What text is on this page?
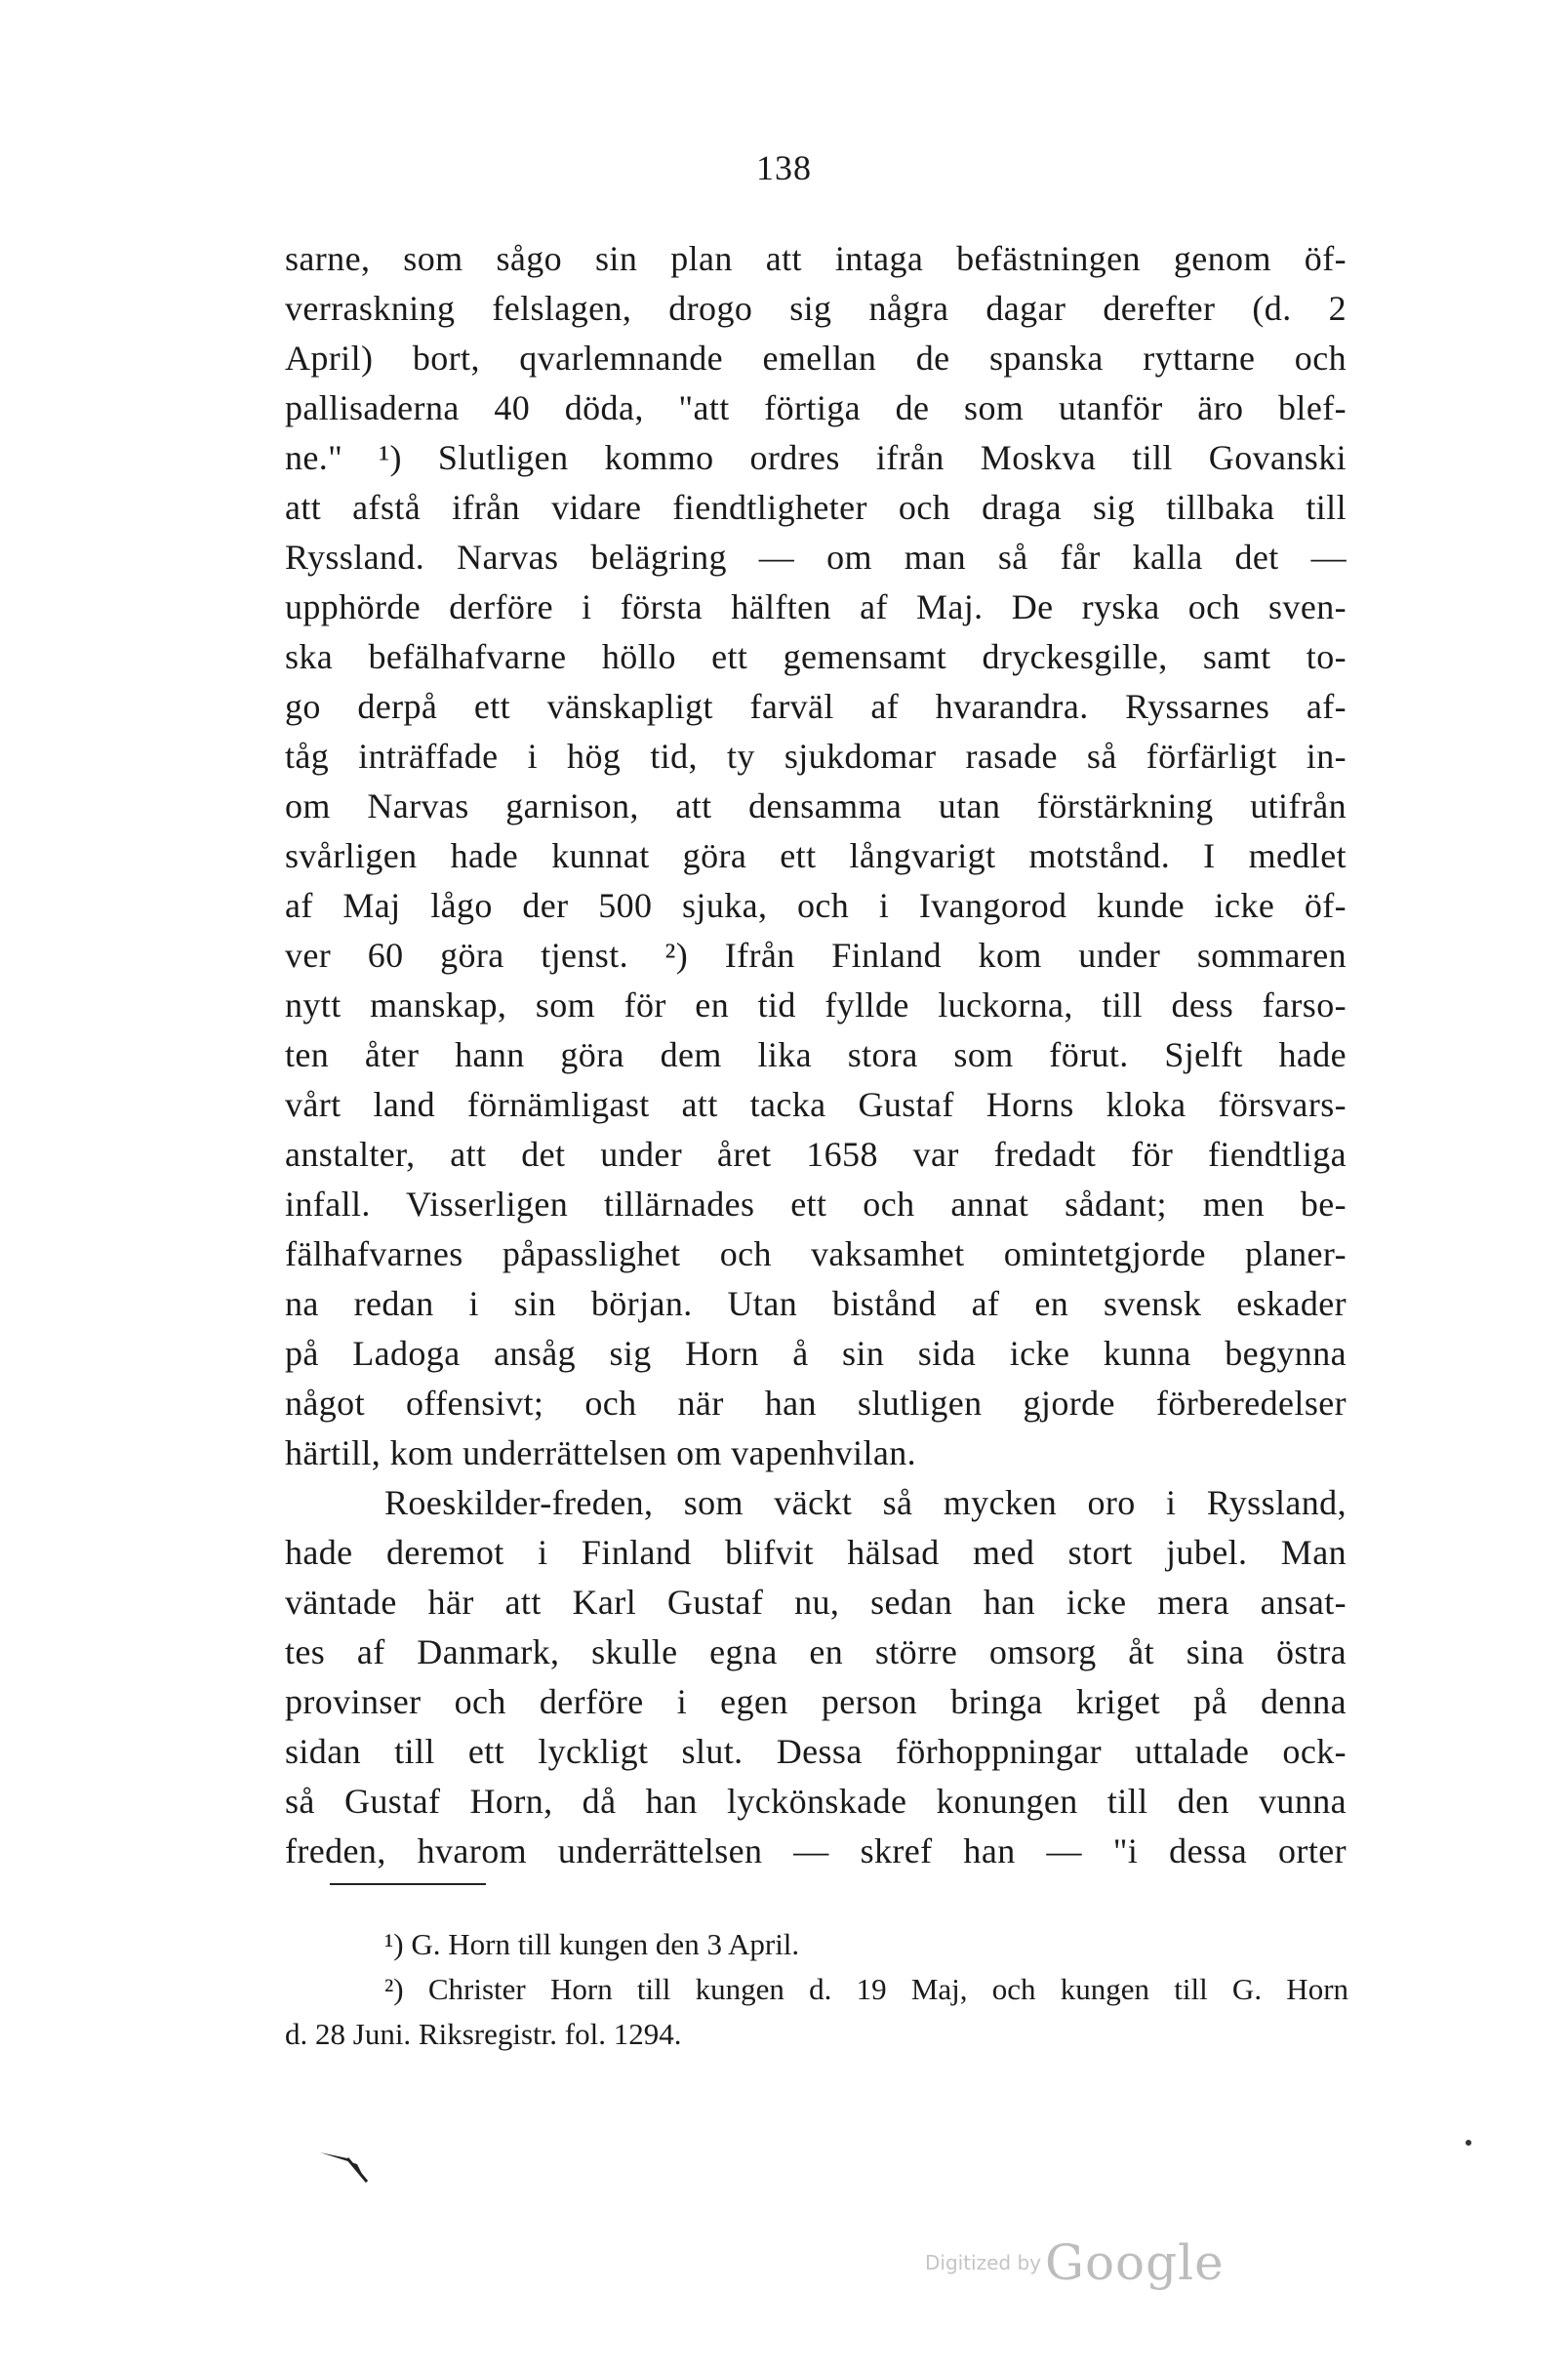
138
sarne, som sågo sin plan att intaga befästningen genom öf-
verraskning felslagen, drogo sig några dagar derefter (d. 2
April) bort, qvarlemnande emellan de spanska ryttarne och
pallisaderna 40 döda, "att förtiga de som utanför äro blef-
ne." ¹) Slutligen kommo ordres ifrån Moskva till Govanski
att afstå ifrån vidare fiendtligheter och draga sig tillbaka till
Ryssland. Narvas belägring — om man så får kalla det —
upphörde derföre i första hälften af Maj. De ryska och sven-
ska befälhafvarne höllo ett gemensamt dryckesgille, samt to-
go derpå ett vänskapligt farväl af hvarandra. Ryssarnes af-
tåg inträffade i hög tid, ty sjukdomar rasade så förfärligt in-
om Narvas garnison, att densamma utan förstärkning utifrån
svårligen hade kunnat göra ett långvarigt motstånd. I medlet
af Maj lågo der 500 sjuka, och i Ivangorod kunde icke öf-
ver 60 göra tjenst. ²) Ifrån Finland kom under sommaren
nytt manskap, som för en tid fyllde luckorna, till dess farso-
ten åter hann göra dem lika stora som förut. Sjelft hade
vårt land förnämligast att tacka Gustaf Horns kloka försvars-
anstalter, att det under året 1658 var fredadt för fiendtliga
infall. Visserligen tillärnades ett och annat sådant; men be-
fälhafvarnes påpasslighet och vaksamhet omintetgjorde planer-
na redan i sin början. Utan bistånd af en svensk eskader
på Ladoga ansåg sig Horn å sin sida icke kunna begynna
något offensivt; och när han slutligen gjorde förberedelser
härtill, kom underrättelsen om vapenhvilan.
Roeskilder-freden, som väckt så mycken oro i Ryssland,
hade deremot i Finland blifvit hälsad med stort jubel. Man
väntade här att Karl Gustaf nu, sedan han icke mera ansat-
tes af Danmark, skulle egna en större omsorg åt sina östra
provinser och derföre i egen person bringa kriget på denna
sidan till ett lyckligt slut. Dessa förhoppningar uttalade ock-
så Gustaf Horn, då han lyckönskade konungen till den vunna
freden, hvarom underrättelsen — skref han — "i dessa orter
¹) G. Horn till kungen den 3 April.
²) Christer Horn till kungen d. 19 Maj, och kungen till G. Horn
d. 28 Juni. Riksregistr. fol. 1294.
Digitized by Google
